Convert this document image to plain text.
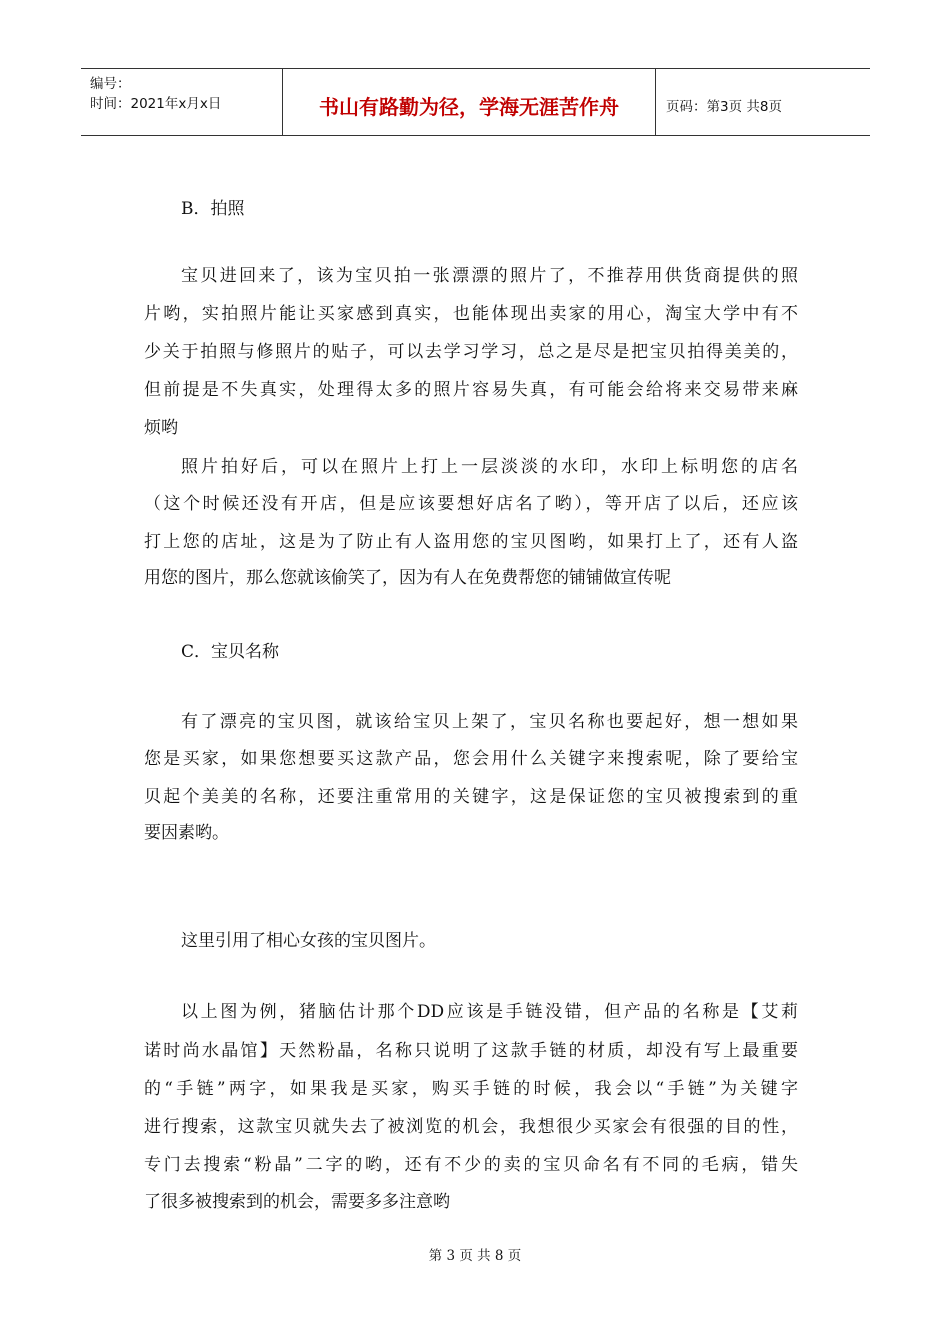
编号：
时间：2021年x月x日	书山有路勤为径，学海无涯苦作舟	页码：第3页 共8页
B．拍照
宝贝进回来了，该为宝贝拍一张漂漂的照片了，不推荐用供货商提供的照
片哟，实拍照片能让买家感到真实，也能体现出卖家的用心，淘宝大学中有不
少关于拍照与修照片的贴子，可以去学习学习，总之是尽是把宝贝拍得美美的，
但前提是不失真实，处理得太多的照片容易失真，有可能会给将来交易带来麻
烦哟
照片拍好后，可以在照片上打上一层淡淡的水印，水印上标明您的店名
（这个时候还没有开店，但是应该要想好店名了哟），等开店了以后，还应该
打上您的店址，这是为了防止有人盗用您的宝贝图哟，如果打上了，还有人盗
用您的图片，那么您就该偷笑了，因为有人在免费帮您的铺铺做宣传呢
C．宝贝名称
有了漂亮的宝贝图，就该给宝贝上架了，宝贝名称也要起好，想一想如果
您是买家，如果您想要买这款产品，您会用什么关键字来搜索呢，除了要给宝
贝起个美美的名称，还要注重常用的关键字，这是保证您的宝贝被搜索到的重
要因素哟。
这里引用了相心女孩的宝贝图片。
以上图为例，猪脑估计那个DD应该是手链没错，但产品的名称是【艾莉
诺时尚水晶馆】天然粉晶，名称只说明了这款手链的材质，却没有写上最重要
的“手链”两字，如果我是买家，购买手链的时候，我会以“手链”为关键字
进行搜索，这款宝贝就失去了被浏览的机会，我想很少买家会有很强的目的性，
专门去搜索“粉晶”二字的哟，还有不少的卖的宝贝命名有不同的毛病，错失
了很多被搜索到的机会，需要多多注意哟
第 3 页 共 8 页
